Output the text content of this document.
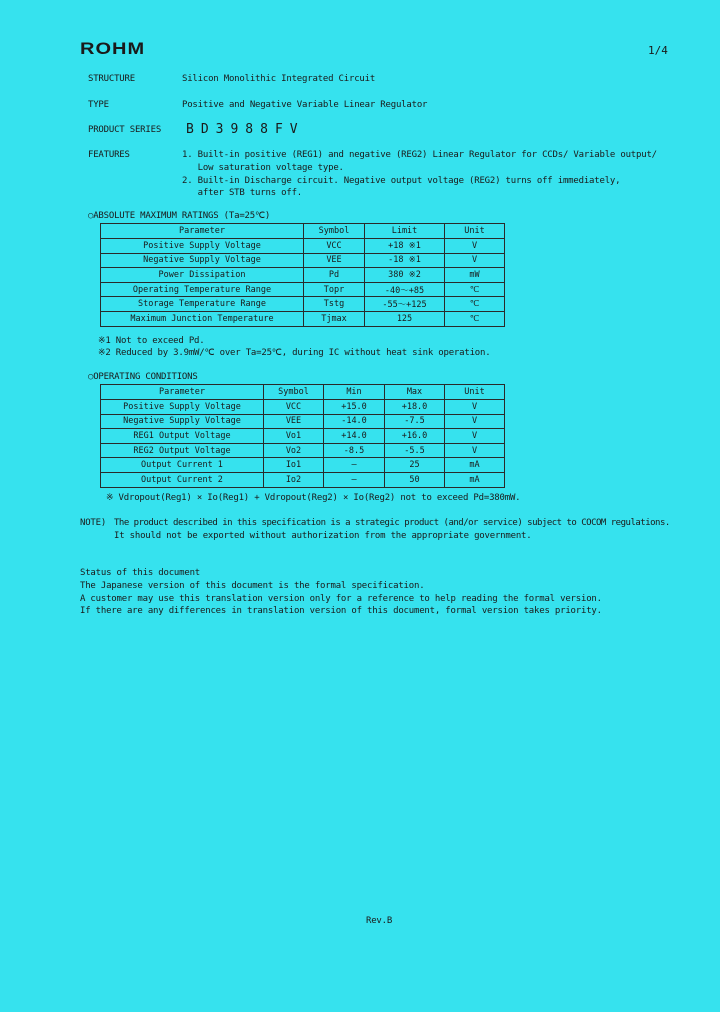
ROHM	1/4
STRUCTURE	Silicon Monolithic Integrated Circuit
TYPE	Positive and Negative Variable Linear Regulator
PRODUCT SERIES BD3988FV
FEATURES	1. Built-in positive (REG1) and negative (REG2) Linear Regulator for CCDs/ Variable output/
Low saturation voltage type.
2. Built-in Discharge circuit. Negative output voltage (REG2) turns off immediately,
after STB turns off.
○ABSOLUTE MAXIMUM RATINGS (Ta=25℃)
Parameter	Symbol	Limit	Unit
Positive Supply Voltage	VCC	+18 ※1	V
Negative Supply Voltage	VEE	-18 ※1	V
Power Dissipation	Pd	380 ※2	mW
Operating Temperature Range	Topr	-40～+85	℃
Storage Temperature Range	Tstg	-55～+125	℃
Maximum Junction Temperature	Tjmax	125	℃
※1 Not to exceed Pd.
※2 Reduced by 3.9mW/℃ over Ta=25℃, during IC without heat sink operation.
○OPERATING CONDITIONS
Parameter	Symbol	Min	Max	Unit
Positive Supply Voltage	VCC	+15.0	+18.0	V
Negative Supply Voltage	VEE	-14.0	-7.5	V
REG1 Output Voltage	Vo1	+14.0	+16.0	V
REG2 Output Voltage	Vo2	-8.5	-5.5	V
Output Current 1	Io1	―	25	mA
Output Current 2	Io2	―	50	mA
※ Vdropout(Reg1) × Io(Reg1) + Vdropout(Reg2) × Io(Reg2) not to exceed Pd=380mW.
NOTE) The product described in this specification is a strategic product (and/or service) subject to COCOM regulations.
It should not be exported without authorization from the appropriate government.
Status of this document
The Japanese version of this document is the formal specification.
A customer may use this translation version only for a reference to help reading the formal version.
If there are any differences in translation version of this document, formal version takes priority.
Rev.B
